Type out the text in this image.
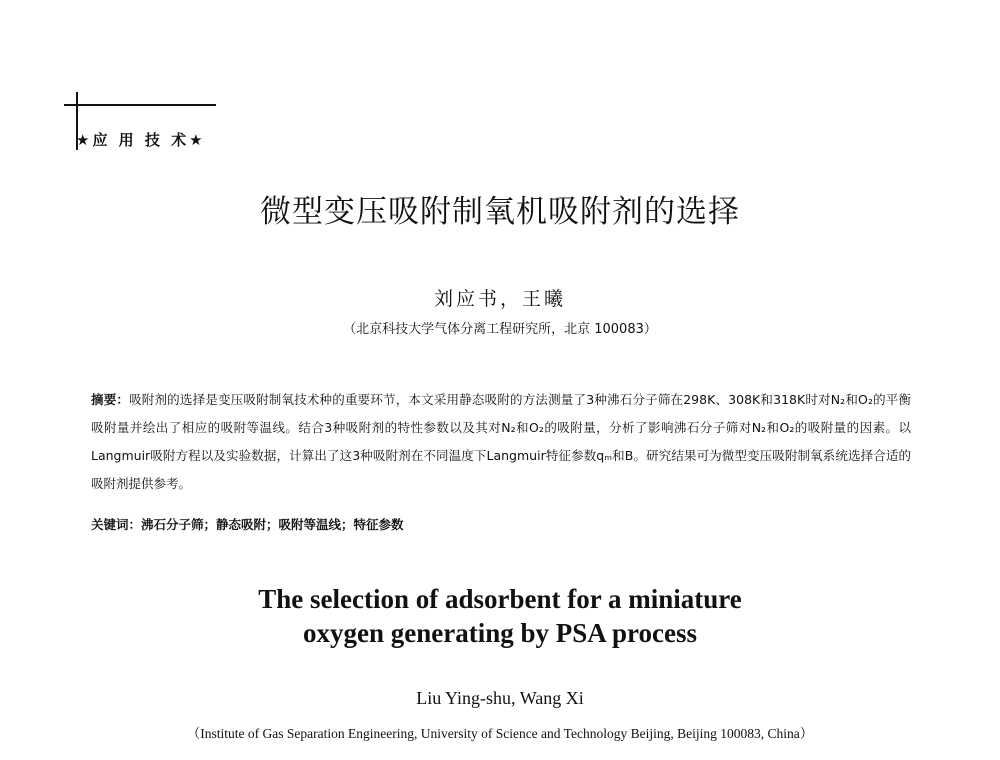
★应 用 技 术★
微型变压吸附制氧机吸附剂的选择
刘应书，王曦
（北京科技大学气体分离工程研究所，北京 100083）
摘要：吸附剂的选择是变压吸附制氧技术种的重要环节，本文采用静态吸附的方法测量了3种沸石分子筛在298K、308K和318K时对N₂和O₂的平衡吸附量并绘出了相应的吸附等温线。结合3种吸附剂的特性参数以及其对N₂和O₂的吸附量，分析了影响沸石分子筛对N₂和O₂的吸附量的因素。以Langmuir吸附方程以及实验数据，计算出了这3种吸附剂在不同温度下Langmuir特征参数qₘ和B。研究结果可为微型变压吸附制氧系统选择合适的吸附剂提供参考。
关键词：沸石分子筛；静态吸附；吸附等温线；特征参数
The selection of adsorbent for a miniature
oxygen generating by PSA process
Liu Ying-shu, Wang Xi
（Institute of Gas Separation Engineering, University of Science and Technology Beijing, Beijing 100083, China）
